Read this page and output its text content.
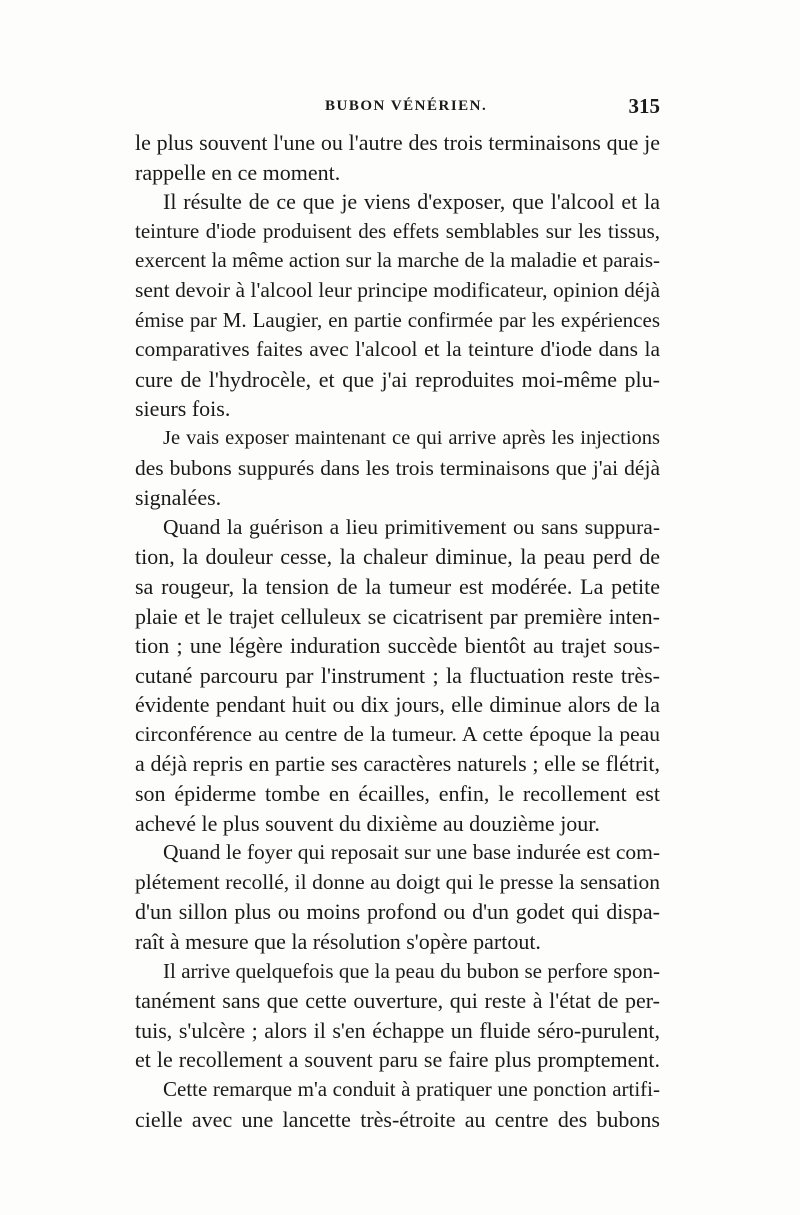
BUBON VÉNÉRIEN.	315
le plus souvent l'une ou l'autre des trois terminaisons que je
rappelle en ce moment.
Il résulte de ce que je viens d'exposer, que l'alcool et la
teinture d'iode produisent des effets semblables sur les tissus,
exercent la même action sur la marche de la maladie et parais-
sent devoir à l'alcool leur principe modificateur, opinion déjà
émise par M. Laugier, en partie confirmée par les expériences
comparatives faites avec l'alcool et la teinture d'iode dans la
cure de l'hydrocèle, et que j'ai reproduites moi-même plu-
sieurs fois.
Je vais exposer maintenant ce qui arrive après les injections
des bubons suppurés dans les trois terminaisons que j'ai déjà
signalées.
Quand la guérison a lieu primitivement ou sans suppura-
tion, la douleur cesse, la chaleur diminue, la peau perd de
sa rougeur, la tension de la tumeur est modérée. La petite
plaie et le trajet celluleux se cicatrisent par première inten-
tion ; une légère induration succède bientôt au trajet sous-
cutané parcouru par l'instrument ; la fluctuation reste très-
évidente pendant huit ou dix jours, elle diminue alors de la
circonférence au centre de la tumeur. A cette époque la peau
a déjà repris en partie ses caractères naturels ; elle se flétrit,
son épiderme tombe en écailles, enfin, le recollement est
achevé le plus souvent du dixième au douzième jour.
Quand le foyer qui reposait sur une base indurée est com-
plétement recollé, il donne au doigt qui le presse la sensation
d'un sillon plus ou moins profond ou d'un godet qui dispa-
raît à mesure que la résolution s'opère partout.
Il arrive quelquefois que la peau du bubon se perfore spon-
tanément sans que cette ouverture, qui reste à l'état de per-
tuis, s'ulcère ; alors il s'en échappe un fluide séro-purulent,
et le recollement a souvent paru se faire plus promptement.
Cette remarque m'a conduit à pratiquer une ponction artifi-
cielle avec une lancette très-étroite au centre des bubons
